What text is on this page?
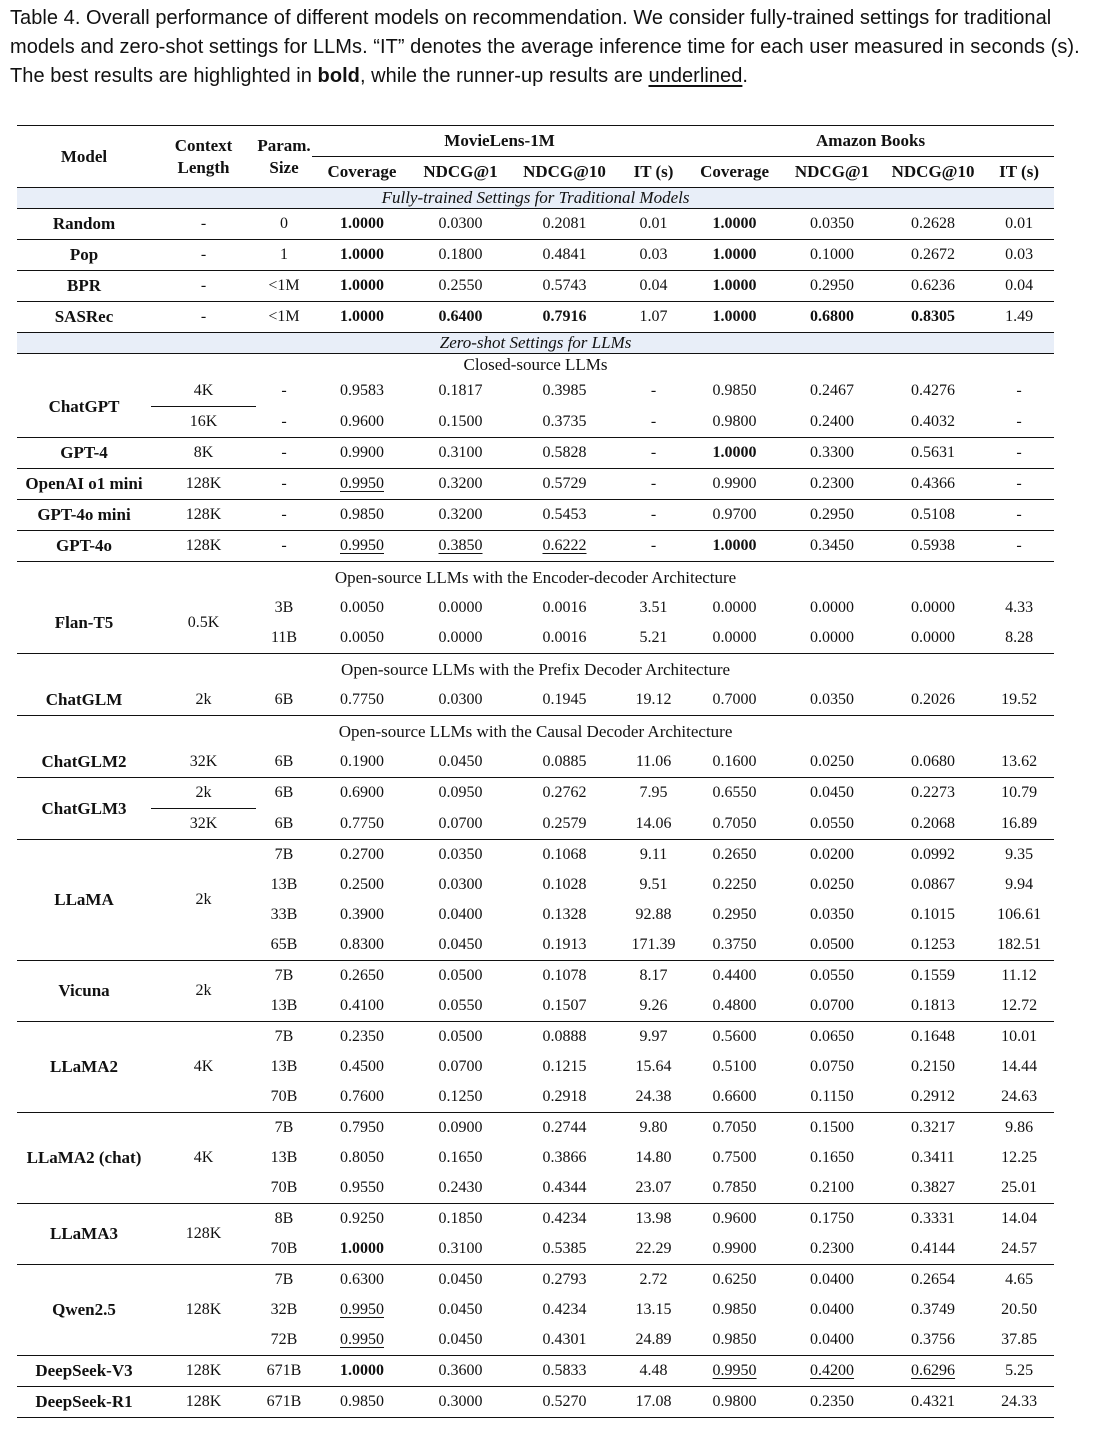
Table 4. Overall performance of different models on recommendation. We consider fully-trained settings for traditional models and zero-shot settings for LLMs. “IT” denotes the average inference time for each user measured in seconds (s). The best results are highlighted in bold, while the runner-up results are underlined.
Model	Context Length	Param. Size	MovieLens-1M				Amazon Books			
			Coverage	NDCG@1	NDCG@10	IT (s)	Coverage	NDCG@1	NDCG@10	IT (s)
Fully-trained Settings for Traditional Models										
Random	-	0	1.0000	0.0300	0.2081	0.01	1.0000	0.0350	0.2628	0.01
Pop	-	1	1.0000	0.1800	0.4841	0.03	1.0000	0.1000	0.2672	0.03
BPR	-	<1M	1.0000	0.2550	0.5743	0.04	1.0000	0.2950	0.6236	0.04
SASRec	-	<1M	1.0000	0.6400	0.7916	1.07	1.0000	0.6800	0.8305	1.49
Zero-shot Settings for LLMs										
Closed-source LLMs										
ChatGPT	4K	-	0.9583	0.1817	0.3985	-	0.9850	0.2467	0.4276	-
	16K	-	0.9600	0.1500	0.3735	-	0.9800	0.2400	0.4032	-
GPT-4	8K	-	0.9900	0.3100	0.5828	-	1.0000	0.3300	0.5631	-
OpenAI o1 mini	128K	-	0.9950	0.3200	0.5729	-	0.9900	0.2300	0.4366	-
GPT-4o mini	128K	-	0.9850	0.3200	0.5453	-	0.9700	0.2950	0.5108	-
GPT-4o	128K	-	0.9950	0.3850	0.6222	-	1.0000	0.3450	0.5938	-
Open-source LLMs with the Encoder-decoder Architecture										
Flan-T5	0.5K	3B	0.0050	0.0000	0.0016	3.51	0.0000	0.0000	0.0000	4.33
		11B	0.0050	0.0000	0.0016	5.21	0.0000	0.0000	0.0000	8.28
Open-source LLMs with the Prefix Decoder Architecture										
ChatGLM	2k	6B	0.7750	0.0300	0.1945	19.12	0.7000	0.0350	0.2026	19.52
Open-source LLMs with the Causal Decoder Architecture										
ChatGLM2	32K	6B	0.1900	0.0450	0.0885	11.06	0.1600	0.0250	0.0680	13.62
ChatGLM3	2k	6B	0.6900	0.0950	0.2762	7.95	0.6550	0.0450	0.2273	10.79
	32K	6B	0.7750	0.0700	0.2579	14.06	0.7050	0.0550	0.2068	16.89
LLaMA	2k	7B	0.2700	0.0350	0.1068	9.11	0.2650	0.0200	0.0992	9.35
		13B	0.2500	0.0300	0.1028	9.51	0.2250	0.0250	0.0867	9.94
		33B	0.3900	0.0400	0.1328	92.88	0.2950	0.0350	0.1015	106.61
		65B	0.8300	0.0450	0.1913	171.39	0.3750	0.0500	0.1253	182.51
Vicuna	2k	7B	0.2650	0.0500	0.1078	8.17	0.4400	0.0550	0.1559	11.12
		13B	0.4100	0.0550	0.1507	9.26	0.4800	0.0700	0.1813	12.72
LLaMA2	4K	7B	0.2350	0.0500	0.0888	9.97	0.5600	0.0650	0.1648	10.01
		13B	0.4500	0.0700	0.1215	15.64	0.5100	0.0750	0.2150	14.44
		70B	0.7600	0.1250	0.2918	24.38	0.6600	0.1150	0.2912	24.63
LLaMA2 (chat)	4K	7B	0.7950	0.0900	0.2744	9.80	0.7050	0.1500	0.3217	9.86
		13B	0.8050	0.1650	0.3866	14.80	0.7500	0.1650	0.3411	12.25
		70B	0.9550	0.2430	0.4344	23.07	0.7850	0.2100	0.3827	25.01
LLaMA3	128K	8B	0.9250	0.1850	0.4234	13.98	0.9600	0.1750	0.3331	14.04
		70B	1.0000	0.3100	0.5385	22.29	0.9900	0.2300	0.4144	24.57
Qwen2.5	128K	7B	0.6300	0.0450	0.2793	2.72	0.6250	0.0400	0.2654	4.65
		32B	0.9950	0.0450	0.4234	13.15	0.9850	0.0400	0.3749	20.50
		72B	0.9950	0.0450	0.4301	24.89	0.9850	0.0400	0.3756	37.85
DeepSeek-V3	128K	671B	1.0000	0.3600	0.5833	4.48	0.9950	0.4200	0.6296	5.25
DeepSeek-R1	128K	671B	0.9850	0.3000	0.5270	17.08	0.9800	0.2350	0.4321	24.33
